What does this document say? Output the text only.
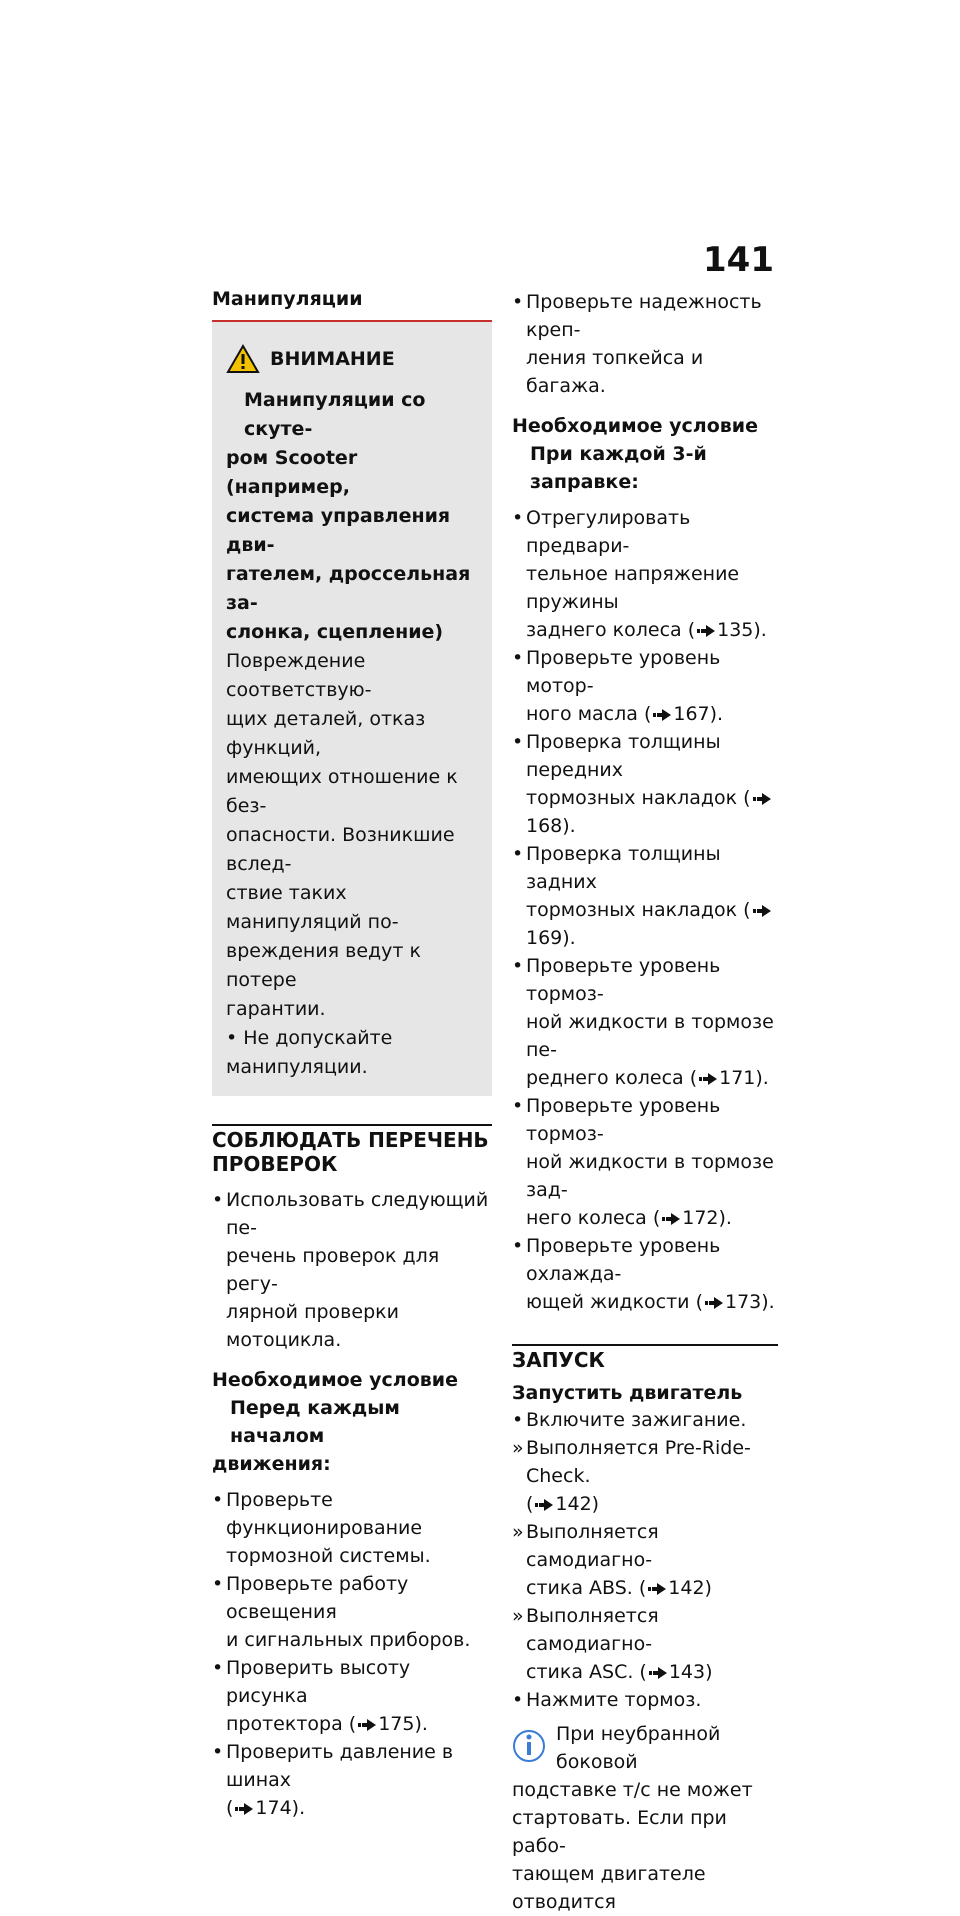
141
Манипуляции
ВНИМАНИЕ
Манипуляции со скуте-
ром Scooter (например,
система управления дви-
гателем, дроссельная за-
слонка, сцепление)
Повреждение соответствую-
щих деталей, отказ функций,
имеющих отношение к без-
опасности. Возникшие вслед-
ствие таких манипуляций по-
вреждения ведут к потере
гарантии.
• Не допускайте манипуляции.
СОБЛЮДАТЬ ПЕРЕЧЕНЬ
ПРОВЕРОК
• Использовать следующий пе-
речень проверок для регу-
лярной проверки мотоцикла.
Необходимое условие
Перед каждым началом
движения:
• Проверьте функционирование
тормозной системы.
• Проверьте работу освещения
и сигнальных приборов.
• Проверить высоту рисунка
протектора ( 175).
• Проверить давление в шинах
( 174).
• Проверьте надежность креп-
ления топкейса и багажа.
Необходимое условие
При каждой 3-й заправке:
• Отрегулировать предвари-
тельное напряжение пружины
заднего колеса ( 135).
• Проверьте уровень мотор-
ного масла ( 167).
• Проверка толщины передних
тормозных накладок (168).
• Проверка толщины задних
тормозных накладок (169).
• Проверьте уровень тормоз-
ной жидкости в тормозе пе-
реднего колеса ( 171).
• Проверьте уровень тормоз-
ной жидкости в тормозе зад-
него колеса ( 172).
• Проверьте уровень охлажда-
ющей жидкости ( 173).
ЗАПУСК
Запустить двигатель
• Включите зажигание.
» Выполняется Pre-Ride-Check.
( 142)
» Выполняется самодиагно-
стика ABS. ( 142)
» Выполняется самодиагно-
стика ASC. ( 143)
• Нажмите тормоз.

При неубранной боковой

подставке т/с не может

стартовать. Если при рабо-

тающем двигателе отводится
